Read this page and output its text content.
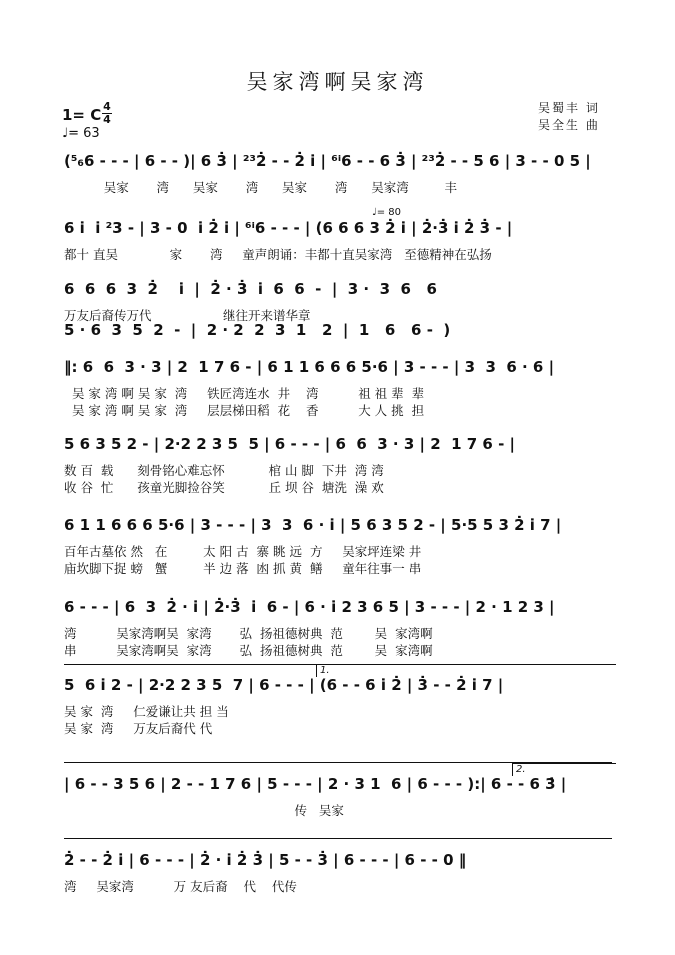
吴家湾啊吴家湾
1= C 4
4
♩= 63
吴蜀丰 词
吴全生 曲
(⁵₆6 - - - | 6 - - )| 6 3̇ | ²³2̇ - - 2̇ i̇ | ⁶ⁱ6 - - 6 3̇ | ²³2̇ - - 5 6 | 3 - - 0 5 |
吴家       湾      吴家       湾      吴家       湾      吴家湾         丰
♩= 80
6 i̇  i̇ ²3 - | 3 - 0  i̇ 2̇ i̇ | ⁶ⁱ6 - - - | (6 6 6 3 2̇ i̇ | 2̇·3̇ i̇ 2̇ 3̇ - |
都十 直吴             家       湾     童声朗诵：丰都十直吴家湾   至德精神在弘扬
6  6  6  3  2̇    i̇  |  2̇ · 3̇  i̇  6  6  -  |  3 ·  3  6   6
万友后裔传万代                  继往开来谱华章
5 · 6  3  5  2  -  |  2 · 2  2  3  1   2  |  1   6   6 -  )
‖: 6  6  3 · 3 | 2  1 7 6 - | 6 1 1 6 6 6 5·6 | 3 - - - | 3  3  6 · 6 |
吴 家 湾 啊 吴 家  湾     铁匠湾连水  井    湾          祖 祖 辈  辈
吴 家 湾 啊 吴 家  湾     层层梯田稻  花    香          大 人 挑  担
5 6 3 5 2 - | 2·2 2 3 5  5 | 6 - - - | 6  6  3 · 3 | 2  1 7 6 - |
数 百  载      刻骨铭心难忘怀           棺 山 脚  下井  湾 湾
收 谷  忙      孩童光脚捡谷笑           丘 坝 谷  塘洗  澡 欢
6 1 1 6 6 6 5·6 | 3 - - - | 3  3  6 · i̇ | 5 6 3 5 2 - | 5·5 5 3 2̇ i̇ 7 |
百年古墓依 然   在         太 阳 古  寨 眺 远  方     吴家坪连梁 井
庙坎脚下捉 螃   蟹         半 边 落  凼 抓 黄  鳝     童年往事一 串
6 - - - | 6  3  2̇ · i̇ | 2̇·3̇  i̇  6 - | 6 · i̇ 2 3 6 5 | 3 - - - | 2 · 1 2 3 |
湾          吴家湾啊吴  家湾       弘  扬祖德树典  范        吴  家湾啊
串          吴家湾啊吴  家湾       弘  扬祖德树典  范        吴  家湾啊
1.
5  6 i̇ 2 - | 2·2 2 3 5  7 | 6 - - - | (6 - - 6 i̇ 2̇ | 3̇ - - 2̇ i̇ 7 |
吴 家  湾     仁爱谦让共 担 当
吴 家  湾     万友后裔代 代
2.
| 6 - - 3 5 6 | 2 - - 1 7 6 | 5 - - - | 2 · 3 1  6 | 6 - - - ):| 6 - - 6 3̇ |
传   吴家
2̇ - - 2̇ i̇ | 6 - - - | 2̇ · i̇ 2̇ 3̇ | 5 - - 3̇ | 6 - - - | 6 - - 0 ‖
湾     吴家湾          万 友后裔    代    代传
